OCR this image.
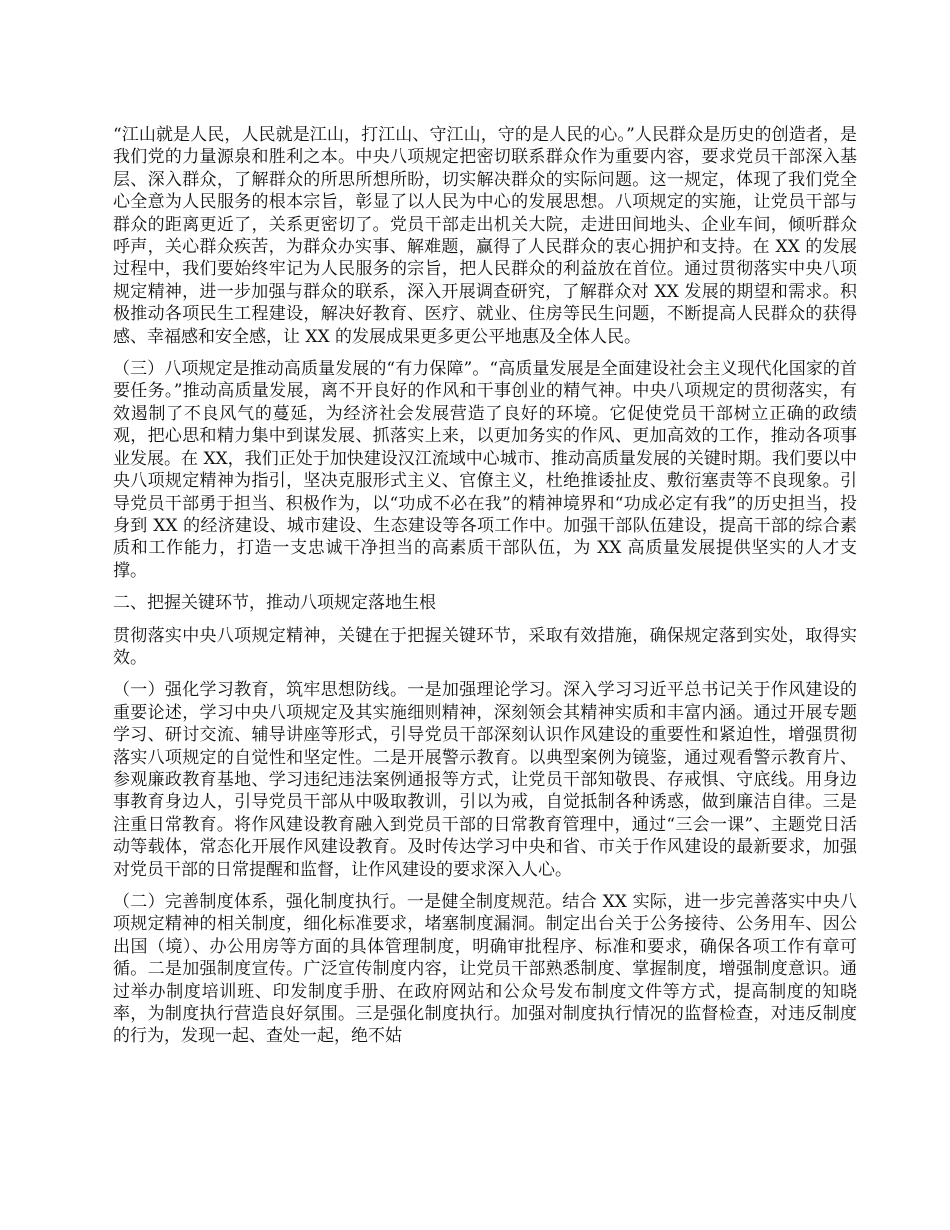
“江山就是人民，人民就是江山，打江山、守江山，守的是人民的心。”人民群众是历史的创造者，是我们党的力量源泉和胜利之本。中央八项规定把密切联系群众作为重要内容，要求党员干部深入基层、深入群众，了解群众的所思所想所盼，切实解决群众的实际问题。这一规定，体现了我们党全心全意为人民服务的根本宗旨，彰显了以人民为中心的发展思想。八项规定的实施，让党员干部与群众的距离更近了，关系更密切了。党员干部走出机关大院，走进田间地头、企业车间，倾听群众呼声，关心群众疾苦，为群众办实事、解难题，赢得了人民群众的衷心拥护和支持。在 XX 的发展过程中，我们要始终牢记为人民服务的宗旨，把人民群众的利益放在首位。通过贯彻落实中央八项规定精神，进一步加强与群众的联系，深入开展调查研究，了解群众对 XX 发展的期望和需求。积极推动各项民生工程建设，解决好教育、医疗、就业、住房等民生问题，不断提高人民群众的获得感、幸福感和安全感，让 XX 的发展成果更多更公平地惠及全体人民。

（三）八项规定是推动高质量发展的“有力保障”。“高质量发展是全面建设社会主义现代化国家的首要任务。”推动高质量发展，离不开良好的作风和干事创业的精气神。中央八项规定的贯彻落实，有效遏制了不良风气的蔓延，为经济社会发展营造了良好的环境。它促使党员干部树立正确的政绩观，把心思和精力集中到谋发展、抓落实上来，以更加务实的作风、更加高效的工作，推动各项事业发展。在 XX，我们正处于加快建设汉江流域中心城市、推动高质量发展的关键时期。我们要以中央八项规定精神为指引，坚决克服形式主义、官僚主义，杜绝推诿扯皮、敷衍塞责等不良现象。引导党员干部勇于担当、积极作为，以“功成不必在我”的精神境界和“功成必定有我”的历史担当，投身到 XX 的经济建设、城市建设、生态建设等各项工作中。加强干部队伍建设，提高干部的综合素质和工作能力，打造一支忠诚干净担当的高素质干部队伍，为 XX 高质量发展提供坚实的人才支撑。

二、把握关键环节，推动八项规定落地生根

贯彻落实中央八项规定精神，关键在于把握关键环节，采取有效措施，确保规定落到实处，取得实效。

（一）强化学习教育，筑牢思想防线。一是加强理论学习。深入学习习近平总书记关于作风建设的重要论述，学习中央八项规定及其实施细则精神，深刻领会其精神实质和丰富内涵。通过开展专题学习、研讨交流、辅导讲座等形式，引导党员干部深刻认识作风建设的重要性和紧迫性，增强贯彻落实八项规定的自觉性和坚定性。二是开展警示教育。以典型案例为镜鉴，通过观看警示教育片、参观廉政教育基地、学习违纪违法案例通报等方式，让党员干部知敬畏、存戒惧、守底线。用身边事教育身边人，引导党员干部从中吸取教训，引以为戒，自觉抵制各种诱惑，做到廉洁自律。三是注重日常教育。将作风建设教育融入到党员干部的日常教育管理中，通过“三会一课”、主题党日活动等载体，常态化开展作风建设教育。及时传达学习中央和省、市关于作风建设的最新要求，加强对党员干部的日常提醒和监督，让作风建设的要求深入人心。

（二）完善制度体系，强化制度执行。一是健全制度规范。结合 XX 实际，进一步完善落实中央八项规定精神的相关制度，细化标准要求，堵塞制度漏洞。制定出台关于公务接待、公务用车、因公出国（境）、办公用房等方面的具体管理制度，明确审批程序、标准和要求，确保各项工作有章可循。二是加强制度宣传。广泛宣传制度内容，让党员干部熟悉制度、掌握制度，增强制度意识。通过举办制度培训班、印发制度手册、在政府网站和公众号发布制度文件等方式，提高制度的知晓率，为制度执行营造良好氛围。三是强化制度执行。加强对制度执行情况的监督检查，对违反制度的行为，发现一起、查处一起，绝不姑
